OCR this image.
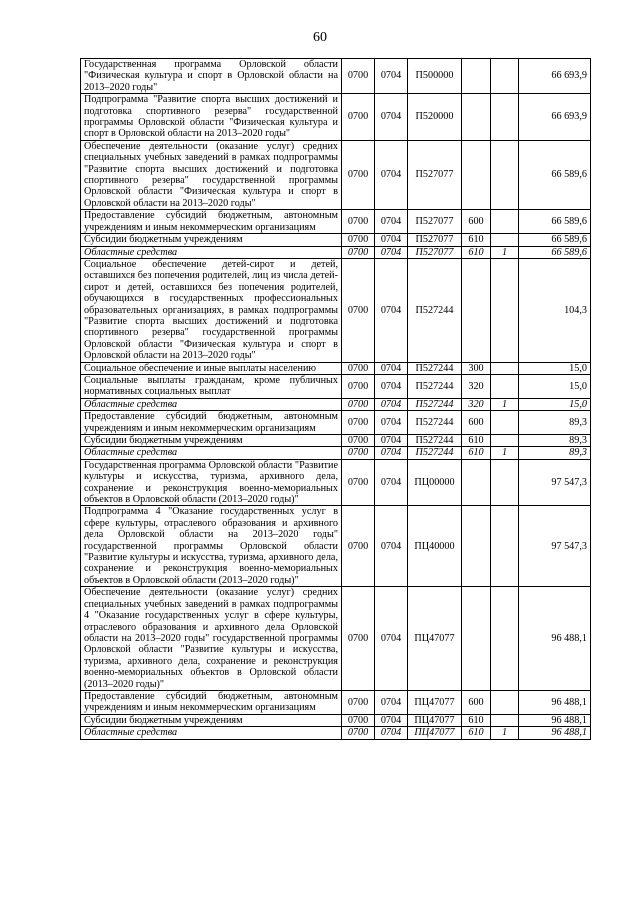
60
Государственная программа Орловской области "Физическая культура и спорт в Орловской области на 2013–2020 годы"	0700	0704	П500000			66 693,9
Подпрограмма "Развитие спорта высших достижений и подготовка спортивного резерва" государственной программы Орловской области "Физическая культура и спорт в Орловской области на 2013–2020 годы"	0700	0704	П520000			66 693,9
Обеспечение деятельности (оказание услуг) средних специальных учебных заведений в рамках подпрограммы "Развитие спорта высших достижений и подготовка спортивного резерва" государственной программы Орловской области "Физическая культура и спорт в Орловской области на 2013–2020 годы"	0700	0704	П527077			66 589,6
Предоставление субсидий бюджетным, автономным учреждениям и иным некоммерческим организациям	0700	0704	П527077	600		66 589,6
Субсидии бюджетным учреждениям	0700	0704	П527077	610		66 589,6
Областные средства	0700	0704	П527077	610	1	66 589,6
Социальное обеспечение детей-сирот и детей, оставшихся без попечения родителей, лиц из числа детей-сирот и детей, оставшихся без попечения родителей, обучающихся в государственных профессиональных образовательных организациях, в рамках подпрограммы "Развитие спорта высших достижений и подготовка спортивного резерва" государственной программы Орловской области "Физическая культура и спорт в Орловской области на 2013–2020 годы"	0700	0704	П527244			104,3
Социальное обеспечение и иные выплаты населению	0700	0704	П527244	300		15,0
Социальные выплаты гражданам, кроме публичных нормативных социальных выплат	0700	0704	П527244	320		15,0
Областные средства	0700	0704	П527244	320	1	15,0
Предоставление субсидий бюджетным, автономным учреждениям и иным некоммерческим организациям	0700	0704	П527244	600		89,3
Субсидии бюджетным учреждениям	0700	0704	П527244	610		89,3
Областные средства	0700	0704	П527244	610	1	89,3
Государственная программа Орловской области "Развитие культуры и искусства, туризма, архивного дела, сохранение и реконструкция военно-мемориальных объектов в Орловской области (2013–2020 годы)"	0700	0704	ПЦ00000			97 547,3
Подпрограмма 4 "Оказание государственных услуг в сфере культуры, отраслевого образования и архивного дела Орловской области на 2013–2020 годы" государственной программы Орловской области "Развитие культуры и искусства, туризма, архивного дела, сохранение и реконструкция военно-мемориальных объектов в Орловской области (2013–2020 годы)"	0700	0704	ПЦ40000			97 547,3
Обеспечение деятельности (оказание услуг) средних специальных учебных заведений в рамках подпрограммы 4 "Оказание государственных услуг в сфере культуры, отраслевого образования и архивного дела Орловской области на 2013–2020 годы" государственной программы Орловской области "Развитие культуры и искусства, туризма, архивного дела, сохранение и реконструкция военно-мемориальных объектов в Орловской области (2013–2020 годы)"	0700	0704	ПЦ47077			96 488,1
Предоставление субсидий бюджетным, автономным учреждениям и иным некоммерческим организациям	0700	0704	ПЦ47077	600		96 488,1
Субсидии бюджетным учреждениям	0700	0704	ПЦ47077	610		96 488,1
Областные средства	0700	0704	ПЦ47077	610	1	96 488,1
